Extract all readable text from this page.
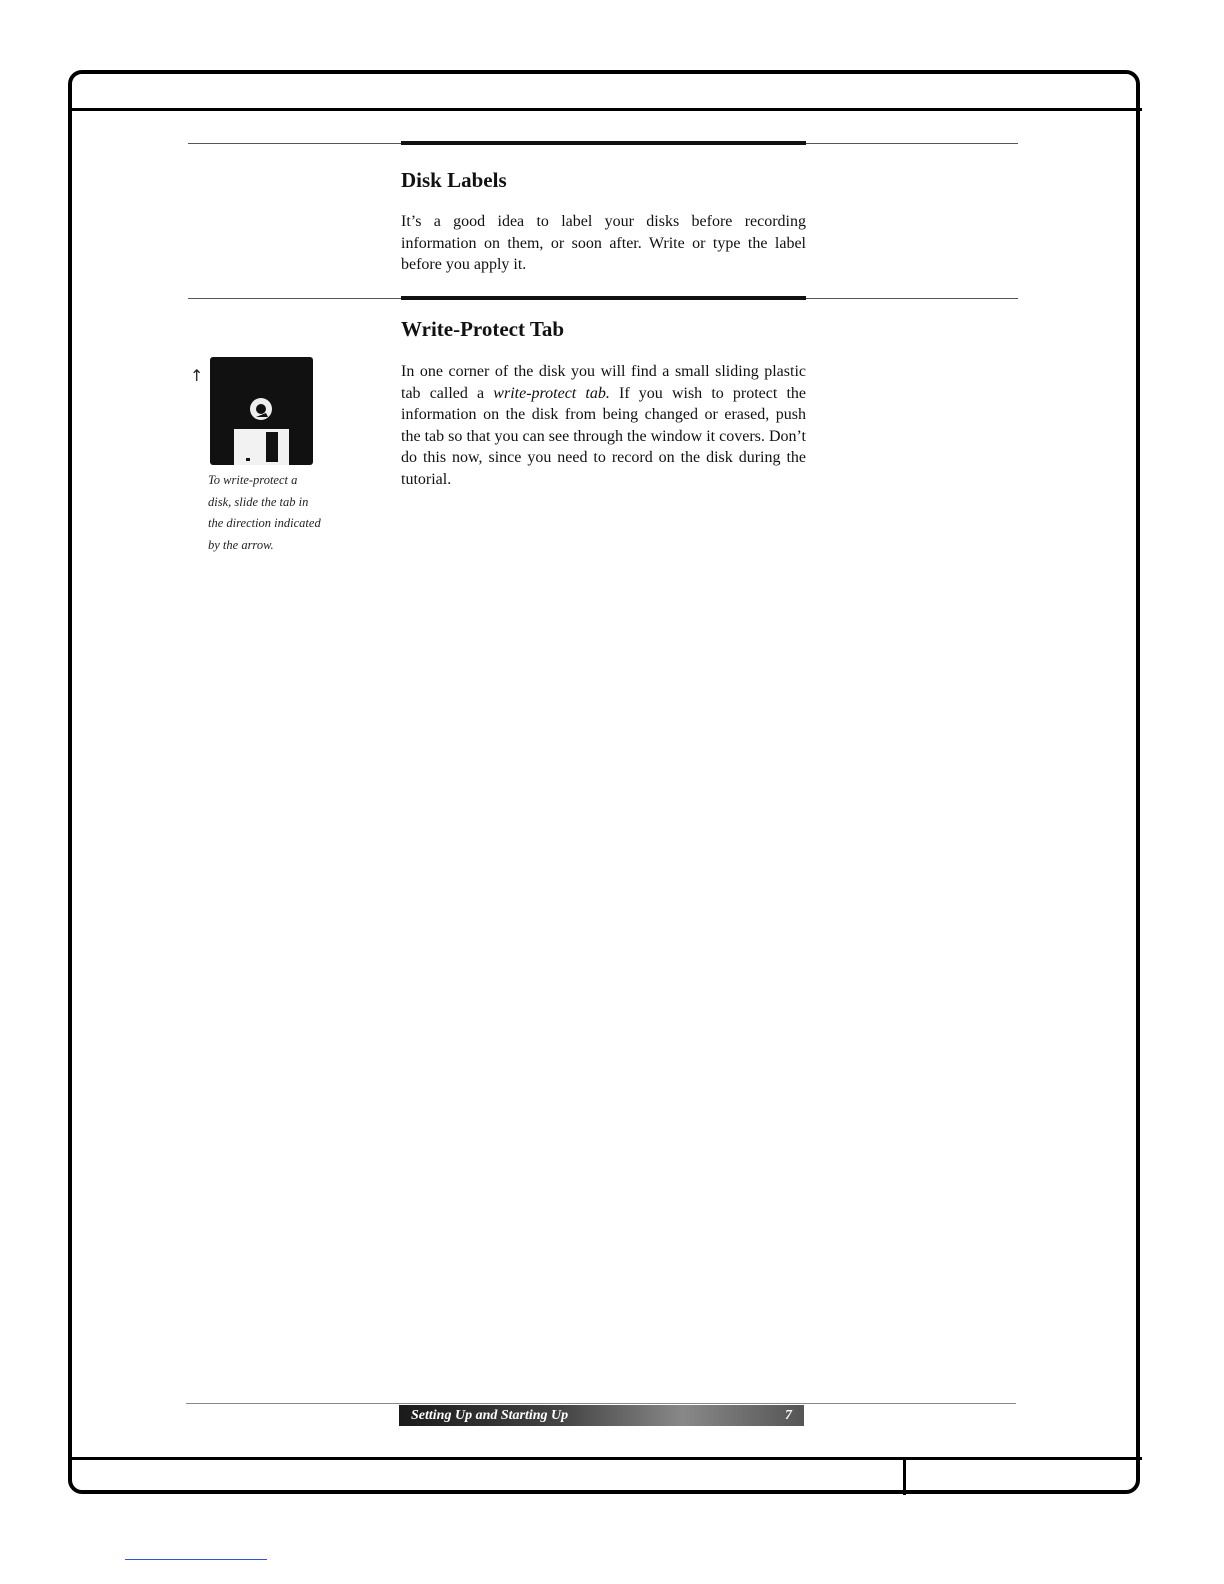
Disk Labels

It’s a good idea to label your disks before recording information on them, or soon after. Write or type the label before you apply it.

Write-Protect Tab

In one corner of the disk you will find a small sliding plastic tab called a write-protect tab. If you wish to protect the information on the disk from being changed or erased, push the tab so that you can see through the window it covers. Don’t do this now, since you need to record on the disk during the tutorial.

↑

To write-protect a disk, slide the tab in the direction indicated by the arrow.

Setting Up and Starting Up	7
